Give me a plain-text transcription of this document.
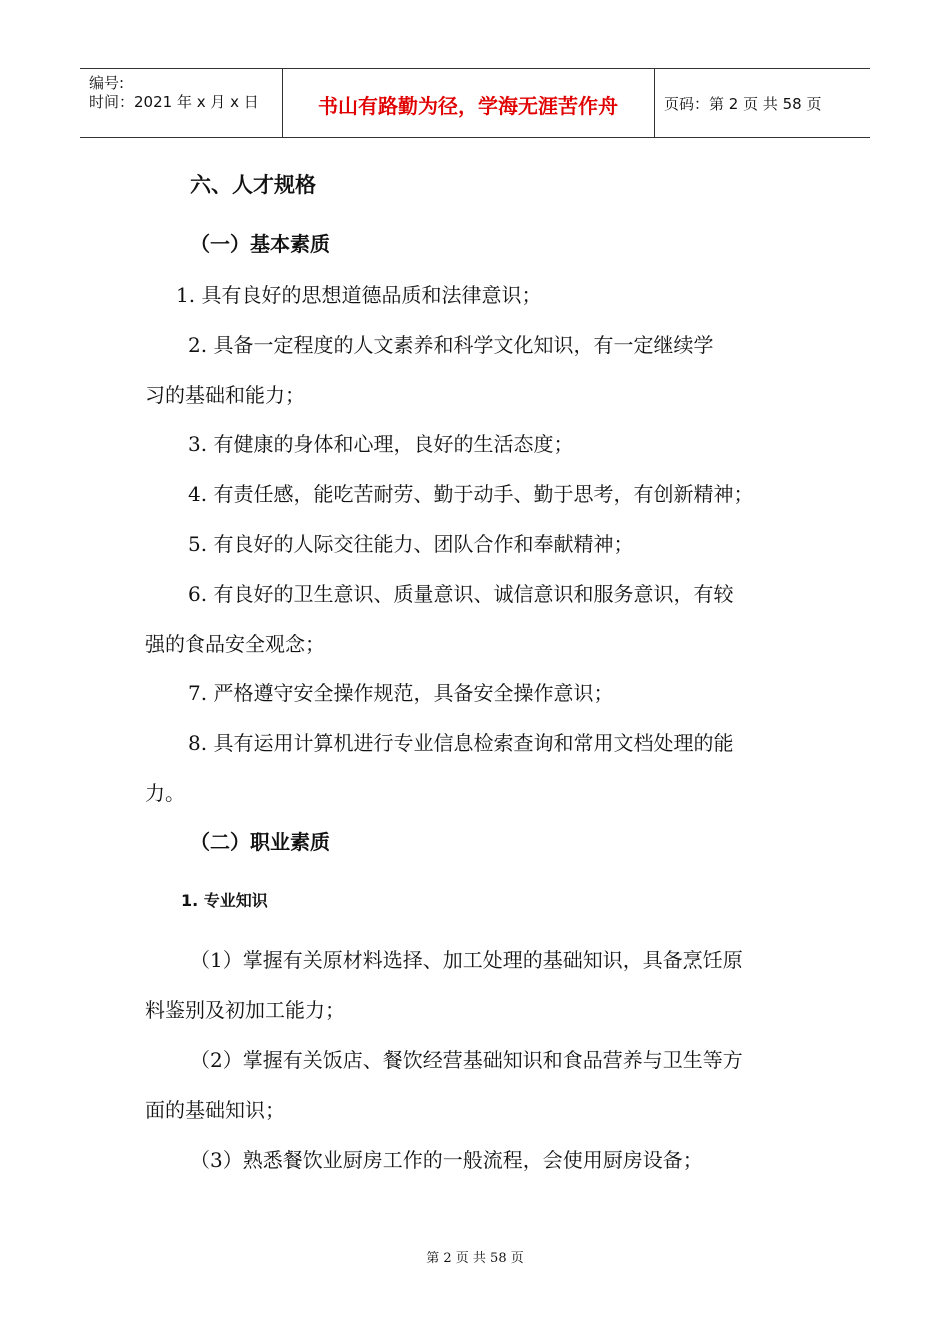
编号:
时间：2021 年 x 月 x 日	书山有路勤为径，学海无涯苦作舟	页码：第 2 页 共 58 页
六、人才规格
（一）基本素质
1. 具有良好的思想道德品质和法律意识；
2. 具备一定程度的人文素养和科学文化知识，有一定继续学
习的基础和能力；
3. 有健康的身体和心理，良好的生活态度；
4. 有责任感，能吃苦耐劳、勤于动手、勤于思考，有创新精神；
5. 有良好的人际交往能力、团队合作和奉献精神；
6. 有良好的卫生意识、质量意识、诚信意识和服务意识，有较
强的食品安全观念；
7. 严格遵守安全操作规范，具备安全操作意识；
8. 具有运用计算机进行专业信息检索查询和常用文档处理的能
力。
（二）职业素质
1. 专业知识
（1）掌握有关原材料选择、加工处理的基础知识，具备烹饪原
料鉴别及初加工能力；
（2）掌握有关饭店、餐饮经营基础知识和食品营养与卫生等方
面的基础知识；
（3）熟悉餐饮业厨房工作的一般流程，会使用厨房设备；
第 2 页 共 58 页
